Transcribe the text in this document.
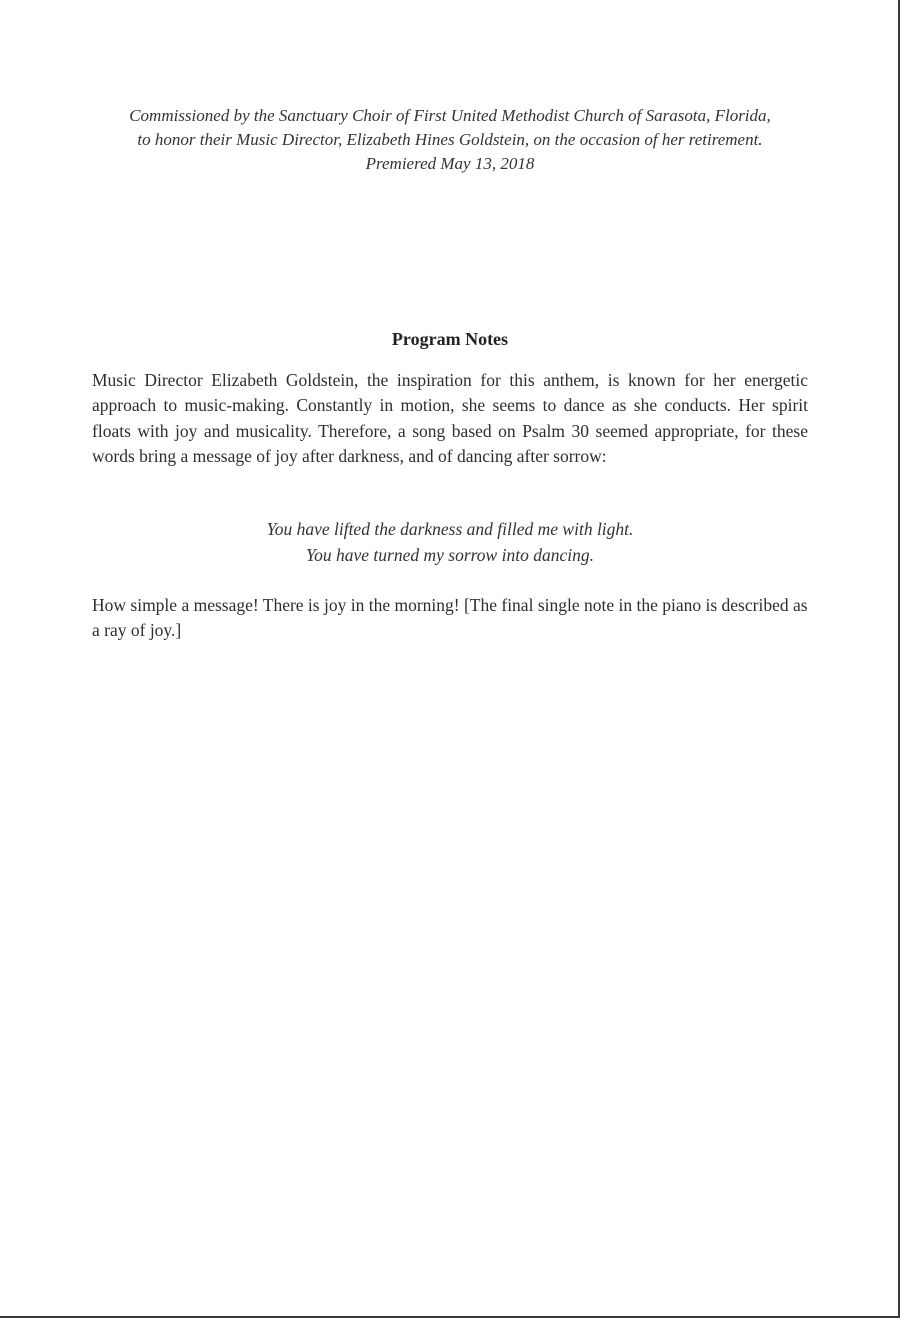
Commissioned by the Sanctuary Choir of First United Methodist Church of Sarasota, Florida,
to honor their Music Director, Elizabeth Hines Goldstein, on the occasion of her retirement.
Premiered May 13, 2018
Program Notes
Music Director Elizabeth Goldstein, the inspiration for this anthem, is known for her energetic approach to music-making. Constantly in motion, she seems to dance as she conducts. Her spirit floats with joy and musicality. Therefore, a song based on Psalm 30 seemed appropriate, for these words bring a message of joy after darkness, and of dancing after sorrow:
You have lifted the darkness and filled me with light.
You have turned my sorrow into dancing.
How simple a message! There is joy in the morning! [The final single note in the piano is described as a ray of joy.]
